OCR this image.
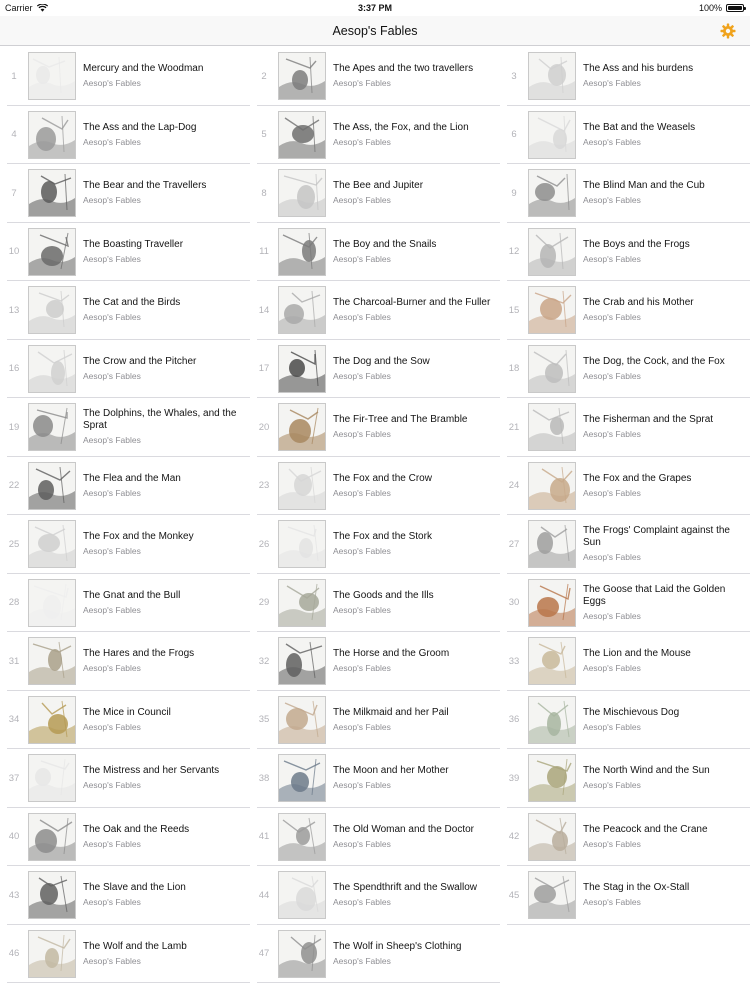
Carrier	3:37 PM	100%
Aesop's Fables
1
Mercury and the Woodman
Aesop's Fables
2
The Apes and the two travellers
Aesop's Fables
3
The Ass and his burdens
Aesop's Fables
4
The Ass and the Lap-Dog
Aesop's Fables
5
The Ass, the Fox, and the Lion
Aesop's Fables
6
The Bat and the Weasels
Aesop's Fables
7
The Bear and the Travellers
Aesop's Fables
8
The Bee and Jupiter
Aesop's Fables
9
The Blind Man and the Cub
Aesop's Fables
10
The Boasting Traveller
Aesop's Fables
11
The Boy and the Snails
Aesop's Fables
12
The Boys and the Frogs
Aesop's Fables
13
The Cat and the Birds
Aesop's Fables
14
The Charcoal-Burner and the Fuller
Aesop's Fables
15
The Crab and his Mother
Aesop's Fables
16
The Crow and the Pitcher
Aesop's Fables
17
The Dog and the Sow
Aesop's Fables
18
The Dog, the Cock, and the Fox
Aesop's Fables
19
The Dolphins, the Whales, and the Sprat
Aesop's Fables
20
The Fir-Tree and The Bramble
Aesop's Fables
21
The Fisherman and the Sprat
Aesop's Fables
22
The Flea and the Man
Aesop's Fables
23
The Fox and the Crow
Aesop's Fables
24
The Fox and the Grapes
Aesop's Fables
25
The Fox and the Monkey
Aesop's Fables
26
The Fox and the Stork
Aesop's Fables
27
The Frogs' Complaint against the Sun
Aesop's Fables
28
The Gnat and the Bull
Aesop's Fables
29
The Goods and the Ills
Aesop's Fables
30
The Goose that Laid the Golden Eggs
Aesop's Fables
31
The Hares and the Frogs
Aesop's Fables
32
The Horse and the Groom
Aesop's Fables
33
The Lion and the Mouse
Aesop's Fables
34
The Mice in Council
Aesop's Fables
35
The Milkmaid and her Pail
Aesop's Fables
36
The Mischievous Dog
Aesop's Fables
37
The Mistress and her Servants
Aesop's Fables
38
The Moon and her Mother
Aesop's Fables
39
The North Wind and the Sun
Aesop's Fables
40
The Oak and the Reeds
Aesop's Fables
41
The Old Woman and the Doctor
Aesop's Fables
42
The Peacock and the Crane
Aesop's Fables
43
The Slave and the Lion
Aesop's Fables
44
The Spendthrift and the Swallow
Aesop's Fables
45
The Stag in the Ox-Stall
Aesop's Fables
46
The Wolf and the Lamb
Aesop's Fables
47
The Wolf in Sheep's Clothing
Aesop's Fables
